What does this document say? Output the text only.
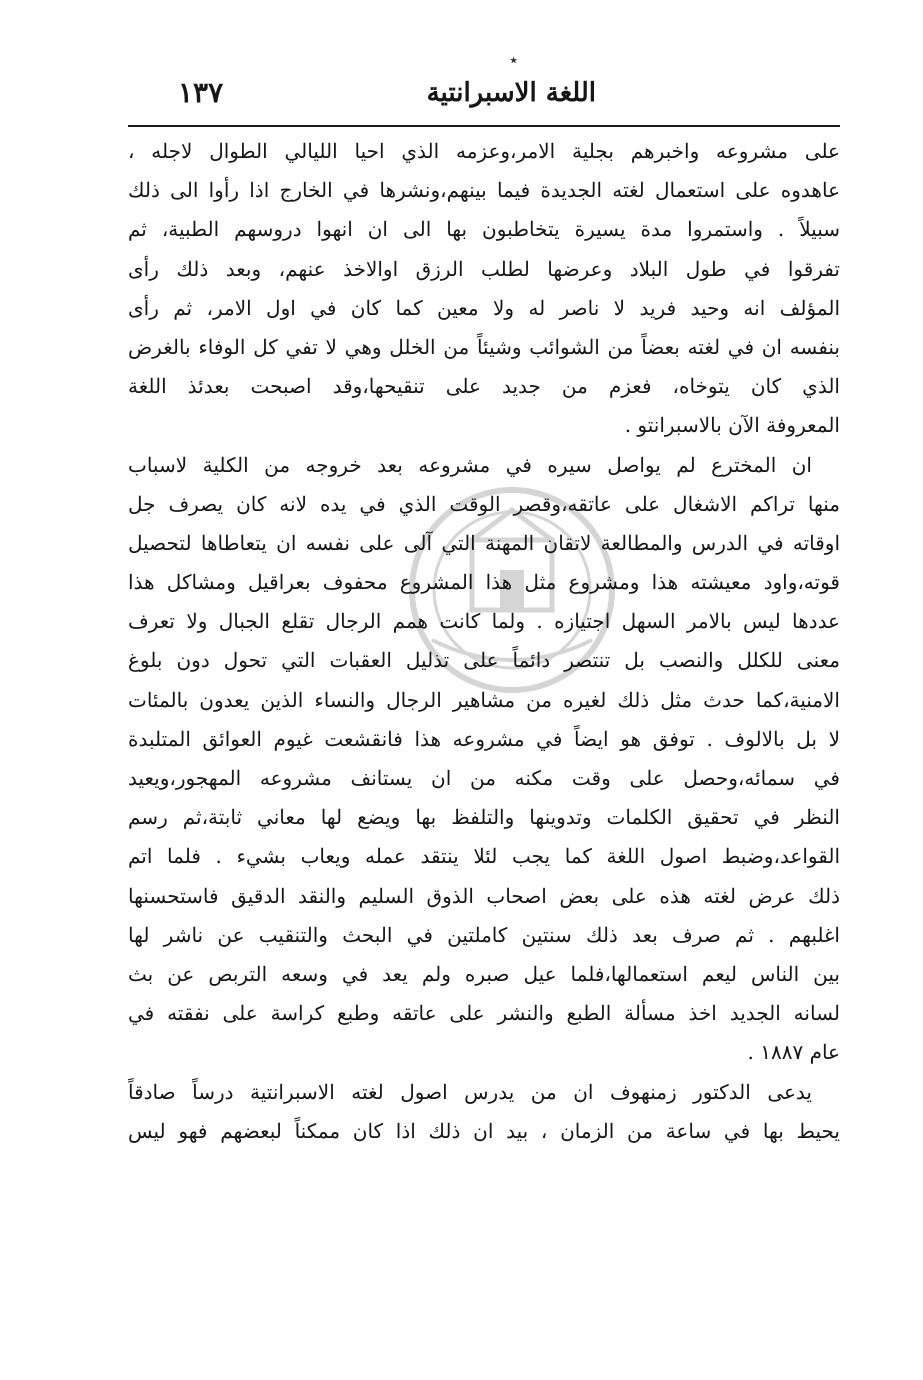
٭
اللغة الاسبرانتية
١٣٧
على مشروعه واخبرهم بجلية الامر،وعزمه الذي احيا الليالي الطوال لاجله ،
عاهدوه على استعمال لغته الجديدة فيما بينهم،ونشرها في الخارج اذا رأوا الى ذلك
سبيلاً . واستمروا مدة يسيرة يتخاطبون بها الى ان انهوا دروسهم الطبية، ثم
تفرقوا في طول البلاد وعرضها لطلب الرزق اوالاخذ عنهم، وبعد ذلك رأى
المؤلف انه وحيد فريد لا ناصر له ولا معين كما كان في اول الامر، ثم رأى
بنفسه ان في لغته بعضاً من الشوائب وشيئاً من الخلل وهي لا تفي كل الوفاء بالغرض
الذي كان يتوخاه، فعزم من جديد على تنقيحها،وقد اصبحت بعدئذ اللغة
المعروفة الآن بالاسبرانتو .
ان المخترع لم يواصل سيره في مشروعه بعد خروجه من الكلية لاسباب
منها تراكم الاشغال على عاتقه،وقصر الوقت الذي في يده لانه كان يصرف جل
اوقاته في الدرس والمطالعة لاتقان المهنة التي آلى على نفسه ان يتعاطاها لتحصيل
قوته،واود معيشته هذا ومشروع مثل هذا المشروع محفوف بعراقيل ومشاكل هذا
عددها ليس بالامر السهل اجتيازه . ولما كانت همم الرجال تقلع الجبال ولا تعرف
معنى للكلل والنصب بل تنتصر دائماً على تذليل العقبات التي تحول دون بلوغ
الامنية،كما حدث مثل ذلك لغيره من مشاهير الرجال والنساء الذين يعدون بالمئات
لا بل بالالوف . توفق هو ايضاً في مشروعه هذا فانقشعت غيوم العوائق المتلبدة
في سمائه،وحصل على وقت مكنه من ان يستانف مشروعه المهجور،ويعيد
النظر في تحقيق الكلمات وتدوينها والتلفظ بها ويضع لها معاني ثابتة،ثم رسم
القواعد،وضبط اصول اللغة كما يجب لئلا ينتقد عمله ويعاب بشيء . فلما اتم
ذلك عرض لغته هذه على بعض اصحاب الذوق السليم والنقد الدقيق فاستحسنها
اغلبهم . ثم صرف بعد ذلك سنتين كاملتين في البحث والتنقيب عن ناشر لها
بين الناس ليعم استعمالها،فلما عيل صبره ولم يعد في وسعه التربص عن بث
لسانه الجديد اخذ مسألة الطبع والنشر على عاتقه وطبع كراسة على نفقته في
عام ١٨٨٧ .
يدعى الدكتور زمنهوف ان من يدرس اصول لغته الاسبرانتية درساً صادقاً
يحيط بها في ساعة من الزمان ، بيد ان ذلك اذا كان ممكناً لبعضهم فهو ليس
